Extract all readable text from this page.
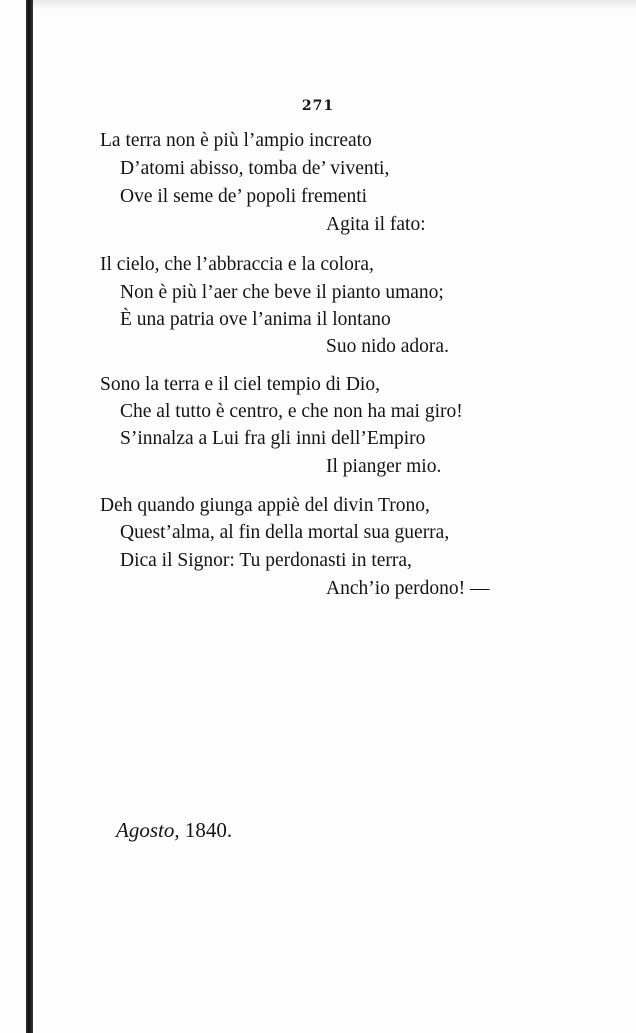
271
La terra non è più l’ampio increato
D’atomi abisso, tomba de’ viventi,
Ove il seme de’ popoli frementi
Agita il fato:
Il cielo, che l’abbraccia e la colora,
Non è più l’aer che beve il pianto umano;
È una patria ove l’anima il lontano
Suo nido adora.
Sono la terra e il ciel tempio di Dio,
Che al tutto è centro, e che non ha mai giro!
S’innalza a Lui fra gli inni dell’Empiro
Il pianger mio.
Deh quando giunga appiè del divin Trono,
Quest’alma, al fin della mortal sua guerra,
Dica il Signor: Tu perdonasti in terra,
Anch’io perdono! —
Agosto, 1840.
